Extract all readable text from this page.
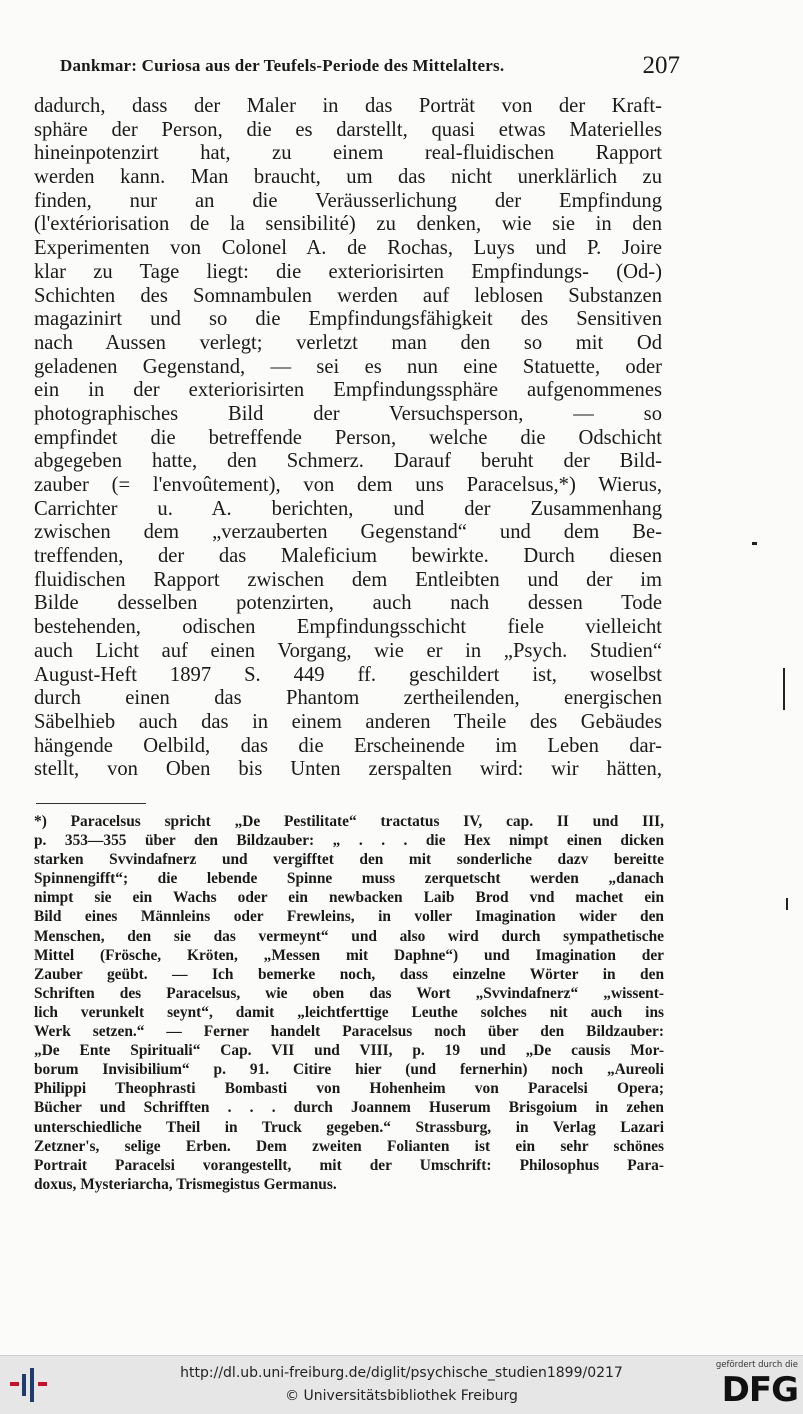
Dankmar: Curiosa aus der Teufels-Periode des Mittelalters.	207
dadurch, dass der Maler in das Porträt von der Kraft-
sphäre der Person, die es darstellt, quasi etwas Materielles
hineinpotenzirt hat, zu einem real-fluidischen Rapport
werden kann. Man braucht, um das nicht unerklärlich zu
finden, nur an die Veräusserlichung der Empfindung
(l'extériorisation de la sensibilité) zu denken, wie sie in den
Experimenten von Colonel A. de Rochas, Luys und P. Joire
klar zu Tage liegt: die exteriorisirten Empfindungs- (Od-)
Schichten des Somnambulen werden auf leblosen Substanzen
magazinirt und so die Empfindungsfähigkeit des Sensitiven
nach Aussen verlegt; verletzt man den so mit Od
geladenen Gegenstand, — sei es nun eine Statuette, oder
ein in der exteriorisirten Empfindungssphäre aufgenommenes
photographisches Bild der Versuchsperson, — so
empfindet die betreffende Person, welche die Odschicht
abgegeben hatte, den Schmerz. Darauf beruht der Bild-
zauber (= l'envoûtement), von dem uns Paracelsus,*) Wierus,
Carrichter u. A. berichten, und der Zusammenhang
zwischen dem „verzauberten Gegenstand“ und dem Be-
treffenden, der das Maleficium bewirkte. Durch diesen
fluidischen Rapport zwischen dem Entleibten und der im
Bilde desselben potenzirten, auch nach dessen Tode
bestehenden, odischen Empfindungsschicht fiele vielleicht
auch Licht auf einen Vorgang, wie er in „Psych. Studien“
August-Heft 1897 S. 449 ff. geschildert ist, woselbst
durch einen das Phantom zertheilenden, energischen
Säbelhieb auch das in einem anderen Theile des Gebäudes
hängende Oelbild, das die Erscheinende im Leben dar-
stellt, von Oben bis Unten zerspalten wird: wir hätten,
*) Paracelsus spricht „De Pestilitate“ tractatus IV, cap. II und III,
p. 353—355 über den Bildzauber: „ . . . die Hex nimpt einen dicken
starken Svvindafnerz und vergifftet den mit sonderliche dazv bereitte
Spinnengifft“; die lebende Spinne muss zerquetscht werden „danach
nimpt sie ein Wachs oder ein newbacken Laib Brod vnd machet ein
Bild eines Männleins oder Frewleins, in voller Imagination wider den
Menschen, den sie das vermeynt“ und also wird durch sympathetische
Mittel (Frösche, Kröten, „Messen mit Daphne“) und Imagination der
Zauber geübt. — Ich bemerke noch, dass einzelne Wörter in den
Schriften des Paracelsus, wie oben das Wort „Svvindafnerz“ „wissent-
lich verunkelt seynt“, damit „leichtferttige Leuthe solches nit auch ins
Werk setzen.“ — Ferner handelt Paracelsus noch über den Bildzauber:
„De Ente Spirituali“ Cap. VII und VIII, p. 19 und „De causis Mor-
borum Invisibilium“ p. 91. Citire hier (und fernerhin) noch „Aureoli
Philippi Theophrasti Bombasti von Hohenheim von Paracelsi Opera;
Bücher und Schrifften . . . durch Joannem Huserum Brisgoium in zehen
unterschiedliche Theil in Truck gegeben.“ Strassburg, in Verlag Lazari
Zetzner's, selige Erben. Dem zweiten Folianten ist ein sehr schönes
Portrait Paracelsi vorangestellt, mit der Umschrift: Philosophus Para-
doxus, Mysteriarcha, Trismegistus Germanus.
http://dl.ub.uni-freiburg.de/diglit/psychische_studien1899/0217
© Universitätsbibliothek Freiburg
gefördert durch die
DFG
